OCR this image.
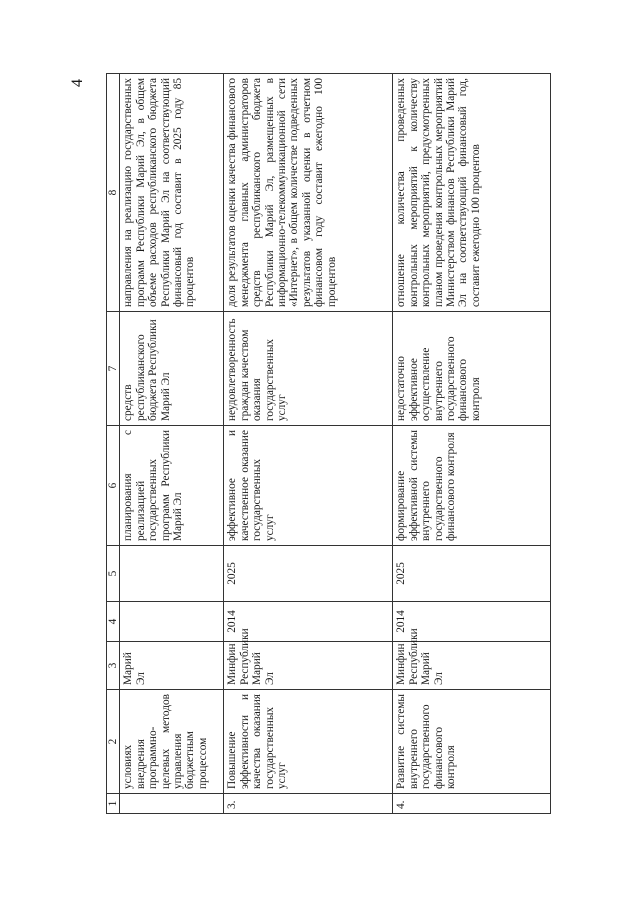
4
1	2	3	4	5	6	7	8
	условиях внедрения программно-целевых методов управления бюджетным процессом	Марий Эл			планирования с реализацией государственных программ Республики Марий Эл	средств республиканского бюджета Республики Марий Эл	направления на реализацию государственных программ Республики Марий Эл, в общем объеме расходов республиканского бюджета Республики Марий Эл на соответствующий финансовый год составит в 2025 году 85 процентов
3.	Повышение эффективности и качества оказания государственных услуг	Минфин Республики Марий Эл	2014	2025	эффективное и качественное оказание государственных услуг	неудовлетворенность граждан качеством оказания государственных услуг	доля результатов оценки качества финансового менеджмента главных администраторов средств республиканского бюджета Республики Марий Эл, размещенных в информационно-телекоммуникационной сети «Интернет», в общем количестве подведенных результатов указанной оценки в отчетном финансовом году составит ежегодно 100 процентов
4.	Развитие системы внутреннего государственного финансового контроля	Минфин Республики Марий Эл	2014	2025	формирование эффективной системы внутреннего государственного финансового контроля	недостаточно эффективное осуществление внутреннего государственного финансового контроля	отношение количества проведенных контрольных мероприятий к количеству контрольных мероприятий, предусмотренных планом проведения контрольных мероприятий Министерством финансов Республики Марий Эл на соответствующий финансовый год, составит ежегодно 100 процентов
